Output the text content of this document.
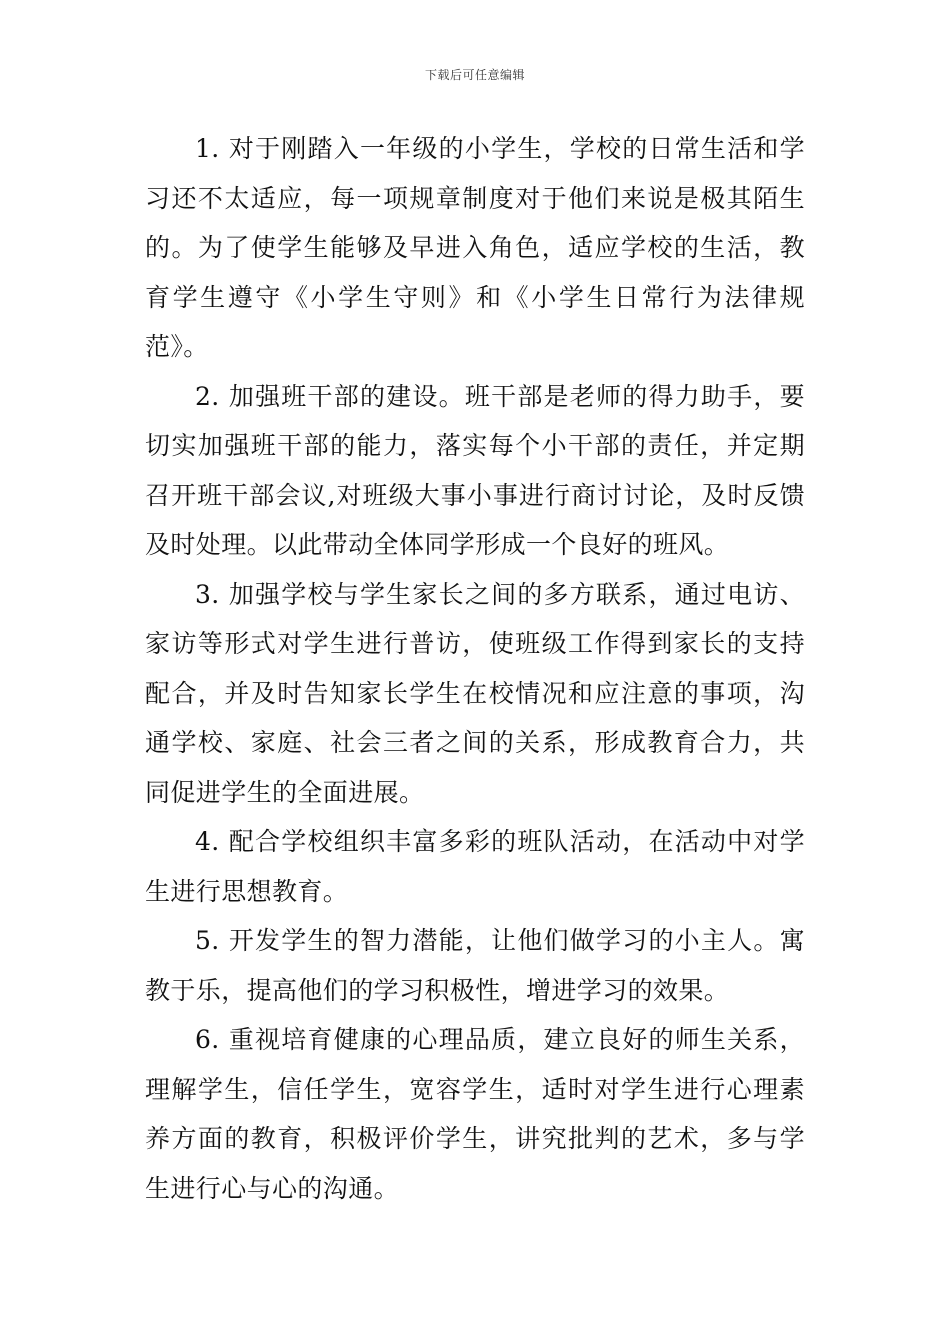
下载后可任意编辑

1. 对于刚踏入一年级的小学生，学校的日常生活和学习还不太适应，每一项规章制度对于他们来说是极其陌生的。为了使学生能够及早进入角色，适应学校的生活，教育学生遵守《小学生守则》和《小学生日常行为法律规范》。

2. 加强班干部的建设。班干部是老师的得力助手，要切实加强班干部的能力，落实每个小干部的责任，并定期召开班干部会议,对班级大事小事进行商讨讨论，及时反馈及时处理。以此带动全体同学形成一个良好的班风。

3. 加强学校与学生家长之间的多方联系，通过电访、家访等形式对学生进行普访，使班级工作得到家长的支持配合，并及时告知家长学生在校情况和应注意的事项，沟通学校、家庭、社会三者之间的关系，形成教育合力，共同促进学生的全面进展。

4. 配合学校组织丰富多彩的班队活动，在活动中对学生进行思想教育。

5. 开发学生的智力潜能，让他们做学习的小主人。寓教于乐，提高他们的学习积极性，增进学习的效果。

6. 重视培育健康的心理品质，建立良好的师生关系，理解学生，信任学生，宽容学生，适时对学生进行心理素养方面的教育，积极评价学生，讲究批判的艺术，多与学生进行心与心的沟通。
